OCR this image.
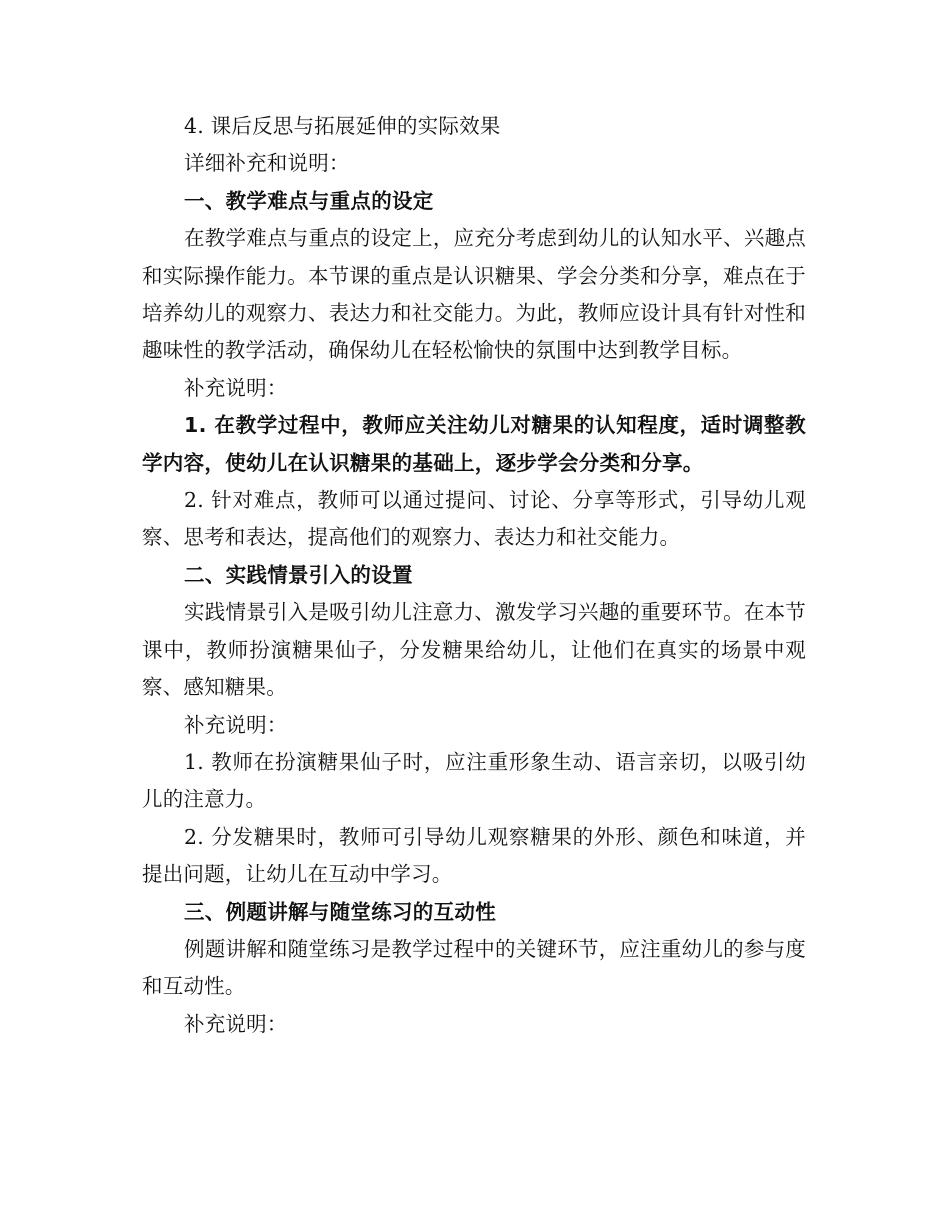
4. 课后反思与拓展延伸的实际效果

详细补充和说明：

一、教学难点与重点的设定

在教学难点与重点的设定上，应充分考虑到幼儿的认知水平、兴趣点和实际操作能力。本节课的重点是认识糖果、学会分类和分享，难点在于培养幼儿的观察力、表达力和社交能力。为此，教师应设计具有针对性和趣味性的教学活动，确保幼儿在轻松愉快的氛围中达到教学目标。

补充说明：

1. 在教学过程中，教师应关注幼儿对糖果的认知程度，适时调整教学内容，使幼儿在认识糖果的基础上，逐步学会分类和分享。

2. 针对难点，教师可以通过提问、讨论、分享等形式，引导幼儿观察、思考和表达，提高他们的观察力、表达力和社交能力。

二、实践情景引入的设置

实践情景引入是吸引幼儿注意力、激发学习兴趣的重要环节。在本节课中，教师扮演糖果仙子，分发糖果给幼儿，让他们在真实的场景中观察、感知糖果。

补充说明：

1. 教师在扮演糖果仙子时，应注重形象生动、语言亲切，以吸引幼儿的注意力。

2. 分发糖果时，教师可引导幼儿观察糖果的外形、颜色和味道，并提出问题，让幼儿在互动中学习。

三、例题讲解与随堂练习的互动性

例题讲解和随堂练习是教学过程中的关键环节，应注重幼儿的参与度和互动性。

补充说明：
